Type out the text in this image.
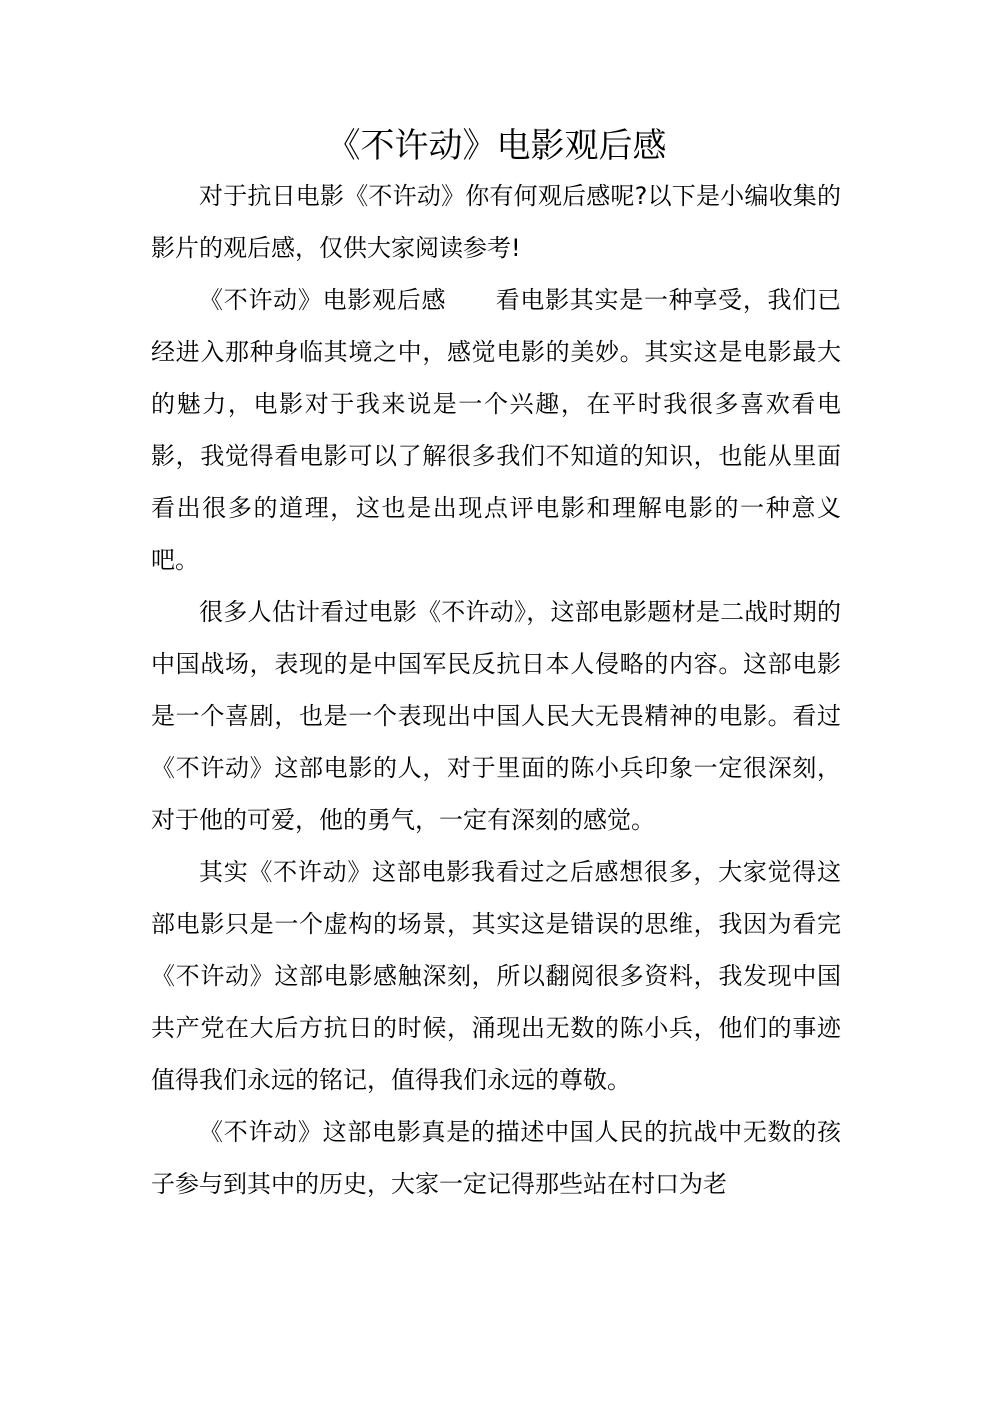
《不许动》电影观后感

对于抗日电影《不许动》你有何观后感呢?以下是小编收集的影片的观后感，仅供大家阅读参考!

《不许动》电影观后感　　看电影其实是一种享受，我们已经进入那种身临其境之中，感觉电影的美妙。其实这是电影最大的魅力，电影对于我来说是一个兴趣，在平时我很多喜欢看电影，我觉得看电影可以了解很多我们不知道的知识，也能从里面看出很多的道理，这也是出现点评电影和理解电影的一种意义吧。

很多人估计看过电影《不许动》，这部电影题材是二战时期的中国战场，表现的是中国军民反抗日本人侵略的内容。这部电影是一个喜剧，也是一个表现出中国人民大无畏精神的电影。看过《不许动》这部电影的人，对于里面的陈小兵印象一定很深刻，对于他的可爱，他的勇气，一定有深刻的感觉。

其实《不许动》这部电影我看过之后感想很多，大家觉得这部电影只是一个虚构的场景，其实这是错误的思维，我因为看完《不许动》这部电影感触深刻，所以翻阅很多资料，我发现中国共产党在大后方抗日的时候，涌现出无数的陈小兵，他们的事迹值得我们永远的铭记，值得我们永远的尊敬。

《不许动》这部电影真是的描述中国人民的抗战中无数的孩子参与到其中的历史，大家一定记得那些站在村口为老
